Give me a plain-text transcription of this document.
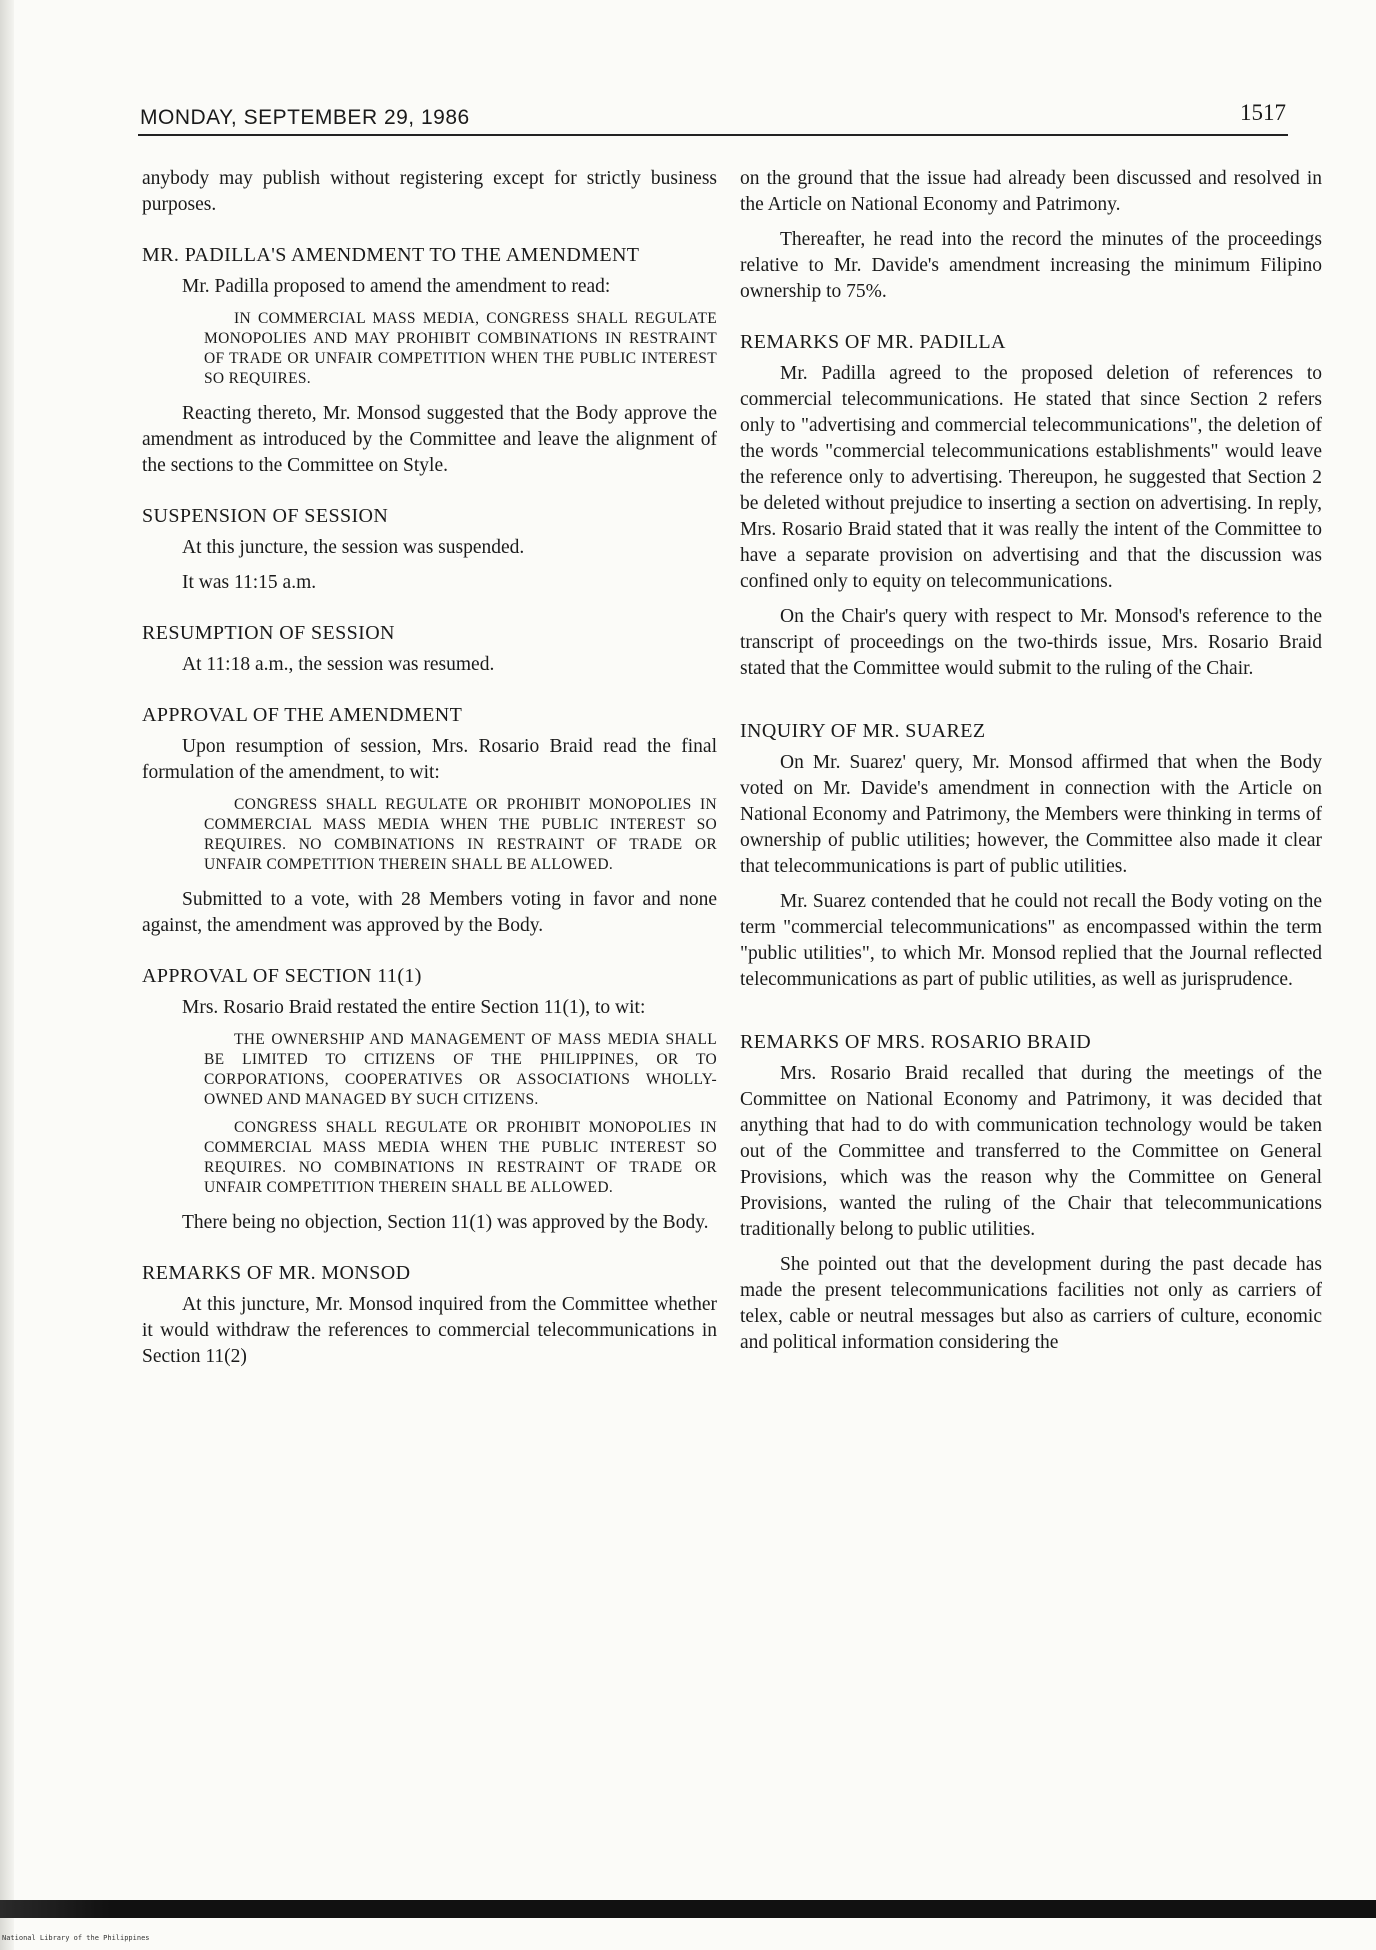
MONDAY, SEPTEMBER 29, 1986	1517

anybody may publish without registering except for strictly business purposes.

MR. PADILLA'S AMENDMENT TO THE AMENDMENT

Mr. Padilla proposed to amend the amendment to read:

IN COMMERCIAL MASS MEDIA, CONGRESS SHALL REGULATE MONOPOLIES AND MAY PROHIBIT COMBINATIONS IN RESTRAINT OF TRADE OR UNFAIR COMPETITION WHEN THE PUBLIC INTEREST SO REQUIRES.

Reacting thereto, Mr. Monsod suggested that the Body approve the amendment as introduced by the Committee and leave the alignment of the sections to the Committee on Style.

SUSPENSION OF SESSION

At this juncture, the session was suspended.

It was 11:15 a.m.

RESUMPTION OF SESSION

At 11:18 a.m., the session was resumed.

APPROVAL OF THE AMENDMENT

Upon resumption of session, Mrs. Rosario Braid read the final formulation of the amendment, to wit:

CONGRESS SHALL REGULATE OR PROHIBIT MONOPOLIES IN COMMERCIAL MASS MEDIA WHEN THE PUBLIC INTEREST SO REQUIRES. NO COMBINATIONS IN RESTRAINT OF TRADE OR UNFAIR COMPETITION THEREIN SHALL BE ALLOWED.

Submitted to a vote, with 28 Members voting in favor and none against, the amendment was approved by the Body.

APPROVAL OF SECTION 11(1)

Mrs. Rosario Braid restated the entire Section 11(1), to wit:

THE OWNERSHIP AND MANAGEMENT OF MASS MEDIA SHALL BE LIMITED TO CITIZENS OF THE PHILIPPINES, OR TO CORPORATIONS, COOPERATIVES OR ASSOCIATIONS WHOLLY-OWNED AND MANAGED BY SUCH CITIZENS.

CONGRESS SHALL REGULATE OR PROHIBIT MONOPOLIES IN COMMERCIAL MASS MEDIA WHEN THE PUBLIC INTEREST SO REQUIRES. NO COMBINATIONS IN RESTRAINT OF TRADE OR UNFAIR COMPETITION THEREIN SHALL BE ALLOWED.

There being no objection, Section 11(1) was approved by the Body.

REMARKS OF MR. MONSOD

At this juncture, Mr. Monsod inquired from the Committee whether it would withdraw the references to commercial telecommunications in Section 11(2)

on the ground that the issue had already been discussed and resolved in the Article on National Economy and Patrimony.

Thereafter, he read into the record the minutes of the proceedings relative to Mr. Davide's amendment increasing the minimum Filipino ownership to 75%.

REMARKS OF MR. PADILLA

Mr. Padilla agreed to the proposed deletion of references to commercial telecommunications. He stated that since Section 2 refers only to "advertising and commercial telecommunications", the deletion of the words "commercial telecommunications establishments" would leave the reference only to advertising. Thereupon, he suggested that Section 2 be deleted without prejudice to inserting a section on advertising. In reply, Mrs. Rosario Braid stated that it was really the intent of the Committee to have a separate provision on advertising and that the discussion was confined only to equity on telecommunications.

On the Chair's query with respect to Mr. Monsod's reference to the transcript of proceedings on the two-thirds issue, Mrs. Rosario Braid stated that the Committee would submit to the ruling of the Chair.

INQUIRY OF MR. SUAREZ

On Mr. Suarez' query, Mr. Monsod affirmed that when the Body voted on Mr. Davide's amendment in connection with the Article on National Economy and Patrimony, the Members were thinking in terms of ownership of public utilities; however, the Committee also made it clear that telecommunications is part of public utilities.

Mr. Suarez contended that he could not recall the Body voting on the term "commercial telecommunications" as encompassed within the term "public utilities", to which Mr. Monsod replied that the Journal reflected telecommunications as part of public utilities, as well as jurisprudence.

REMARKS OF MRS. ROSARIO BRAID

Mrs. Rosario Braid recalled that during the meetings of the Committee on National Economy and Patrimony, it was decided that anything that had to do with communication technology would be taken out of the Committee and transferred to the Committee on General Provisions, which was the reason why the Committee on General Provisions, wanted the ruling of the Chair that telecommunications traditionally belong to public utilities.

She pointed out that the development during the past decade has made the present telecommunications facilities not only as carriers of telex, cable or neutral messages but also as carriers of culture, economic and political information considering the

National Library of the Philippines
